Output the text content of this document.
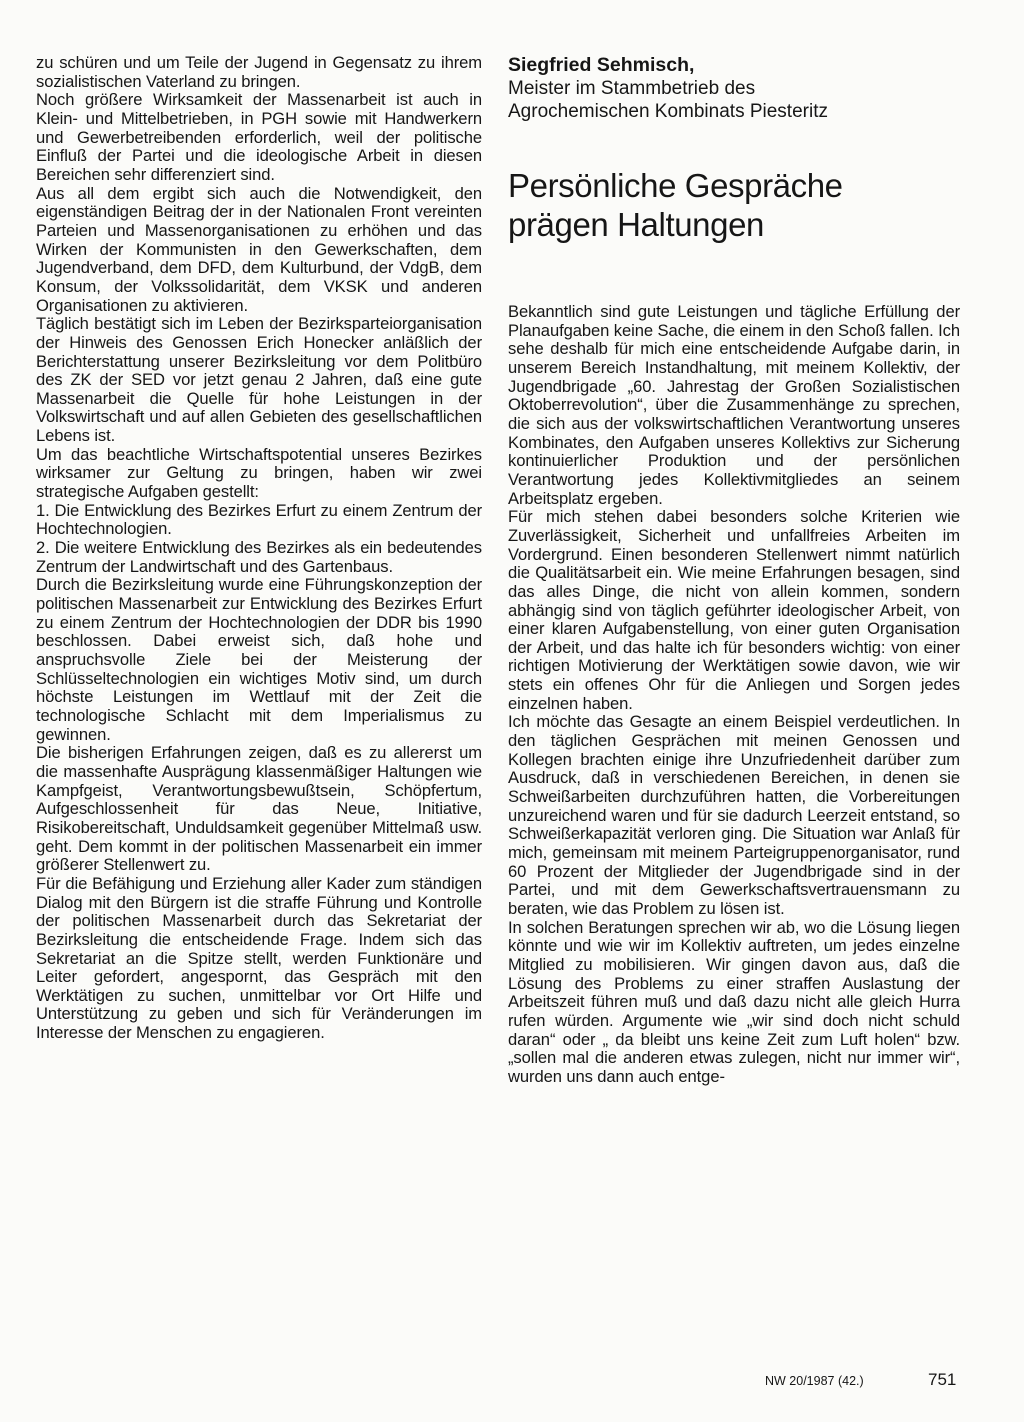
zu schüren und um Teile der Jugend in Gegensatz zu ihrem sozialistischen Vaterland zu bringen.

Noch größere Wirksamkeit der Massenarbeit ist auch in Klein- und Mittelbetrieben, in PGH sowie mit Handwerkern und Gewerbetreibenden erforderlich, weil der politische Einfluß der Partei und die ideologische Arbeit in diesen Bereichen sehr differenziert sind.

Aus all dem ergibt sich auch die Notwendigkeit, den eigenständigen Beitrag der in der Nationalen Front vereinten Parteien und Massenorganisationen zu erhöhen und das Wirken der Kommunisten in den Gewerkschaften, dem Jugendverband, dem DFD, dem Kulturbund, der VdgB, dem Konsum, der Volkssolidarität, dem VKSK und anderen Organisationen zu aktivieren.

Täglich bestätigt sich im Leben der Bezirksparteiorganisation der Hinweis des Genossen Erich Honecker anläßlich der Berichterstattung unserer Bezirksleitung vor dem Politbüro des ZK der SED vor jetzt genau 2 Jahren, daß eine gute Massenarbeit die Quelle für hohe Leistungen in der Volkswirtschaft und auf allen Gebieten des gesellschaftlichen Lebens ist.

Um das beachtliche Wirtschaftspotential unseres Bezirkes wirksamer zur Geltung zu bringen, haben wir zwei strategische Aufgaben gestellt:

1. Die Entwicklung des Bezirkes Erfurt zu einem Zentrum der Hochtechnologien.

2. Die weitere Entwicklung des Bezirkes als ein bedeutendes Zentrum der Landwirtschaft und des Gartenbaus.

Durch die Bezirksleitung wurde eine Führungskonzeption der politischen Massenarbeit zur Entwicklung des Bezirkes Erfurt zu einem Zentrum der Hochtechnologien der DDR bis 1990 beschlossen. Dabei erweist sich, daß hohe und anspruchsvolle Ziele bei der Meisterung der Schlüsseltechnologien ein wichtiges Motiv sind, um durch höchste Leistungen im Wettlauf mit der Zeit die technologische Schlacht mit dem Imperialismus zu gewinnen.

Die bisherigen Erfahrungen zeigen, daß es zu allererst um die massenhafte Ausprägung klassenmäßiger Haltungen wie Kampfgeist, Verantwortungsbewußtsein, Schöpfertum, Aufgeschlossenheit für das Neue, Initiative, Risikobereitschaft, Unduldsamkeit gegenüber Mittelmaß usw. geht. Dem kommt in der politischen Massenarbeit ein immer größerer Stellenwert zu.

Für die Befähigung und Erziehung aller Kader zum ständigen Dialog mit den Bürgern ist die straffe Führung und Kontrolle der politischen Massenarbeit durch das Sekretariat der Bezirksleitung die entscheidende Frage. Indem sich das Sekretariat an die Spitze stellt, werden Funktionäre und Leiter gefordert, angespornt, das Gespräch mit den Werktätigen zu suchen, unmittelbar vor Ort Hilfe und Unterstützung zu geben und sich für Veränderungen im Interesse der Menschen zu engagieren.

Siegfried Sehmisch,

Meister im Stammbetrieb des

Agrochemischen Kombinats Piesteritz

Persönliche Gespräche
prägen Haltungen

Bekanntlich sind gute Leistungen und tägliche Erfüllung der Planaufgaben keine Sache, die einem in den Schoß fallen. Ich sehe deshalb für mich eine entscheidende Aufgabe darin, in unserem Bereich Instandhaltung, mit meinem Kollektiv, der Jugendbrigade „60. Jahrestag der Großen Sozialistischen Oktoberrevolution“, über die Zusammenhänge zu sprechen, die sich aus der volkswirtschaftlichen Verantwortung unseres Kombinates, den Aufgaben unseres Kollektivs zur Sicherung kontinuierlicher Produktion und der persönlichen Verantwortung jedes Kollektivmitgliedes an seinem Arbeitsplatz ergeben.

Für mich stehen dabei besonders solche Kriterien wie Zuverlässigkeit, Sicherheit und unfallfreies Arbeiten im Vordergrund. Einen besonderen Stellenwert nimmt natürlich die Qualitätsarbeit ein. Wie meine Erfahrungen besagen, sind das alles Dinge, die nicht von allein kommen, sondern abhängig sind von täglich geführter ideologischer Arbeit, von einer klaren Aufgabenstellung, von einer guten Organisation der Arbeit, und das halte ich für besonders wichtig: von einer richtigen Motivierung der Werktätigen sowie davon, wie wir stets ein offenes Ohr für die Anliegen und Sorgen jedes einzelnen haben.

Ich möchte das Gesagte an einem Beispiel verdeutlichen. In den täglichen Gesprächen mit meinen Genossen und Kollegen brachten einige ihre Unzufriedenheit darüber zum Ausdruck, daß in verschiedenen Bereichen, in denen sie Schweißarbeiten durchzuführen hatten, die Vorbereitungen unzureichend waren und für sie dadurch Leerzeit entstand, so Schweißerkapazität verloren ging. Die Situation war Anlaß für mich, gemeinsam mit meinem Parteigruppenorganisator, rund 60 Prozent der Mitglieder der Jugendbrigade sind in der Partei, und mit dem Gewerkschaftsvertrauensmann zu beraten, wie das Problem zu lösen ist.

In solchen Beratungen sprechen wir ab, wo die Lösung liegen könnte und wie wir im Kollektiv auftreten, um jedes einzelne Mitglied zu mobilisieren. Wir gingen davon aus, daß die Lösung des Problems zu einer straffen Auslastung der Arbeitszeit führen muß und daß dazu nicht alle gleich Hurra rufen würden. Argumente wie „wir sind doch nicht schuld daran“ oder „ da bleibt uns keine Zeit zum Luft holen“ bzw. „sollen mal die anderen etwas zulegen, nicht nur immer wir“, wurden uns dann auch entge-

NW 20/1987 (42.)	751
